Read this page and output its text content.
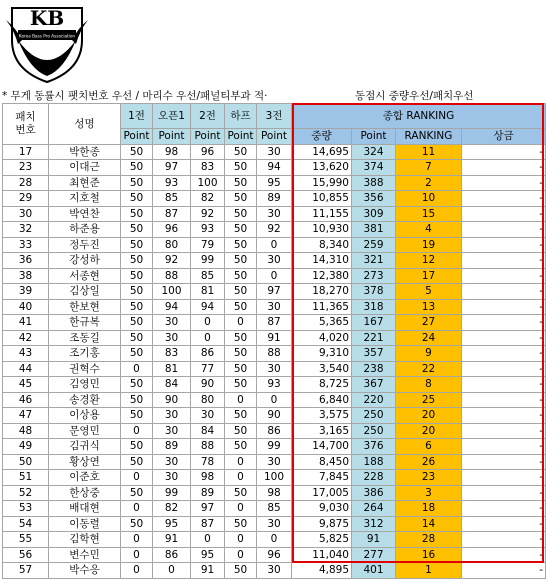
KB
Korea Bass Pro Association
* 무게 동률시 팻치번호 우선 / 마리수 우선/패널티부과 적·	동점시 중량우선/패치우선
패치
번호	성명	1전	오픈1	2전	하프	3전	종합 RANKING			
		Point	Point	Point	Point	Point	중량	Point	RANKING	상금
17	박한종	50	98	96	50	30	14,695	324	11	-
23	이대근	50	97	83	50	94	13,620	374	7	-
28	최현준	50	93	100	50	95	15,990	388	2	-
29	지호철	50	85	82	50	89	10,855	356	10	-
30	박연찬	50	87	92	50	30	11,155	309	15	-
32	하준용	50	96	93	50	92	10,930	381	4	-
33	정두진	50	80	79	50	0	8,340	259	19	-
36	강성하	50	92	99	50	30	14,310	321	12	-
38	서종현	50	88	85	50	0	12,380	273	17	-
39	김상일	50	100	81	50	97	18,270	378	5	-
40	한보현	50	94	94	50	30	11,365	318	13	-
41	한규복	50	30	0	0	87	5,365	167	27	-
42	조동길	50	30	0	50	91	4,020	221	24	-
43	조기홍	50	83	86	50	88	9,310	357	9	-
44	권혁수	0	81	77	50	30	3,540	238	22	-
45	김영민	50	84	90	50	93	8,725	367	8	-
46	송경환	50	90	80	0	0	6,840	220	25	-
47	이상용	50	30	30	50	90	3,575	250	20	-
48	문영민	0	30	84	50	86	3,165	250	20	-
49	김귀식	50	89	88	50	99	14,700	376	6	-
50	황상연	50	30	78	0	30	8,450	188	26	-
51	이준호	0	30	98	0	100	7,845	228	23	-
52	한상중	50	99	89	50	98	17,005	386	3	-
53	배대현	0	82	97	0	85	9,030	264	18	-
54	이동렬	50	95	87	50	30	9,875	312	14	-
55	김학현	0	91	0	0	0	5,825	91	28	-
56	변수민	0	86	95	0	96	11,040	277	16	-
57	박수응	0	0	91	50	30	4,895	401	1	-
